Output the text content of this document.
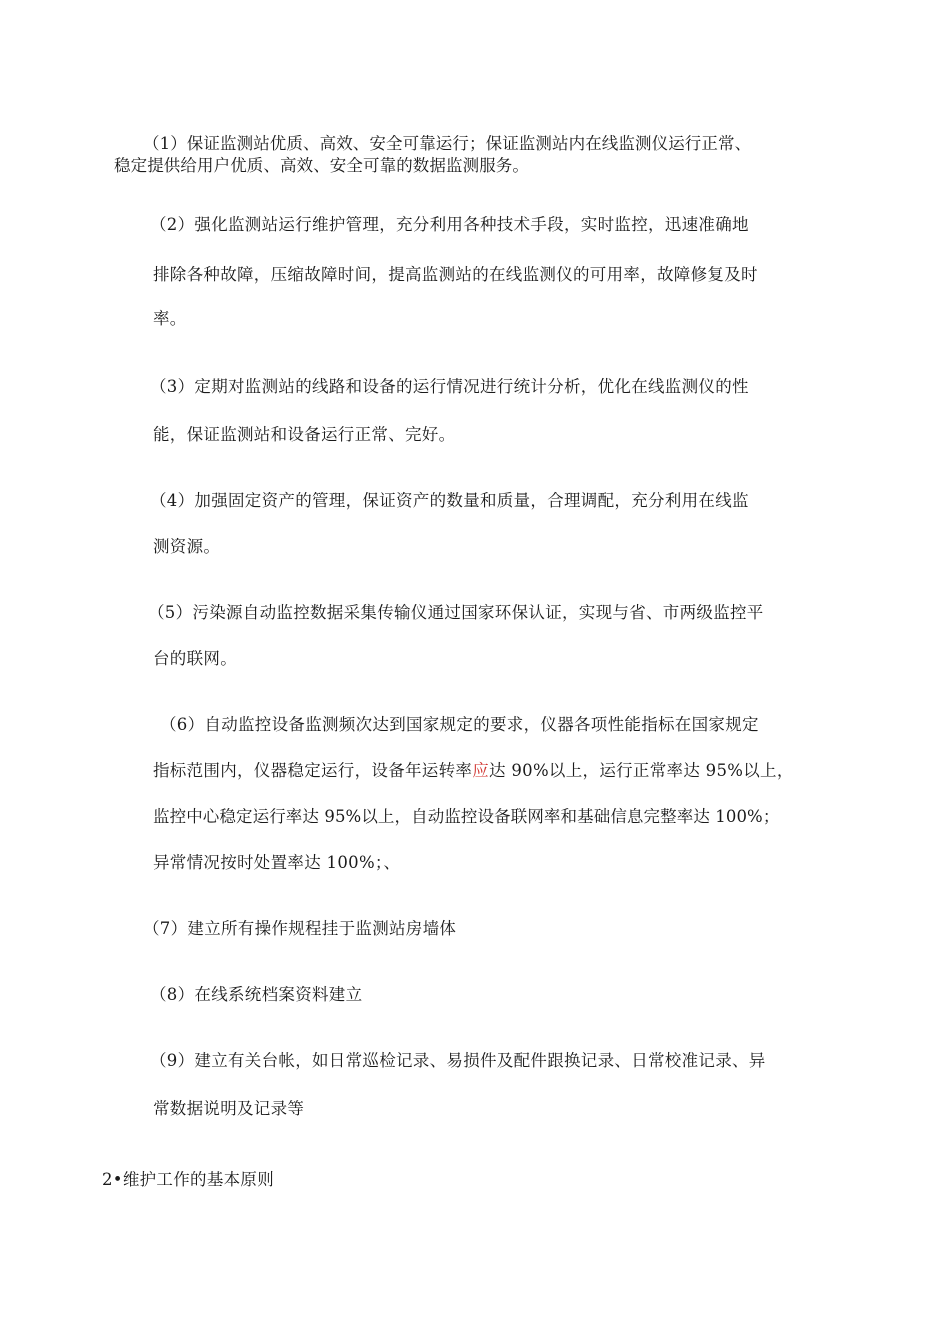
（1）保证监测站优质、高效、安全可靠运行；保证监测站内在线监测仪运行正常、
稳定提供给用户优质、高效、安全可靠的数据监测服务。
（2）强化监测站运行维护管理，充分利用各种技术手段，实时监控，迅速准确地
排除各种故障，压缩故障时间，提高监测站的在线监测仪的可用率，故障修复及时
率。
（3）定期对监测站的线路和设备的运行情况进行统计分析，优化在线监测仪的性
能，保证监测站和设备运行正常、完好。
（4）加强固定资产的管理，保证资产的数量和质量，合理调配，充分利用在线监
测资源。
（5）污染源自动监控数据采集传输仪通过国家环保认证，实现与省、市两级监控平
台的联网。
（6）自动监控设备监测频次达到国家规定的要求，仪器各项性能指标在国家规定
指标范围内，仪器稳定运行，设备年运转率应达 90%以上，运行正常率达 95%以上，
监控中心稳定运行率达 95%以上，自动监控设备联网率和基础信息完整率达 100%；
异常情况按时处置率达 100%；、
（7）建立所有操作规程挂于监测站房墙体
（8）在线系统档案资料建立
（9）建立有关台帐，如日常巡检记录、易损件及配件跟换记录、日常校准记录、异
常数据说明及记录等
2•维护工作的基本原则
